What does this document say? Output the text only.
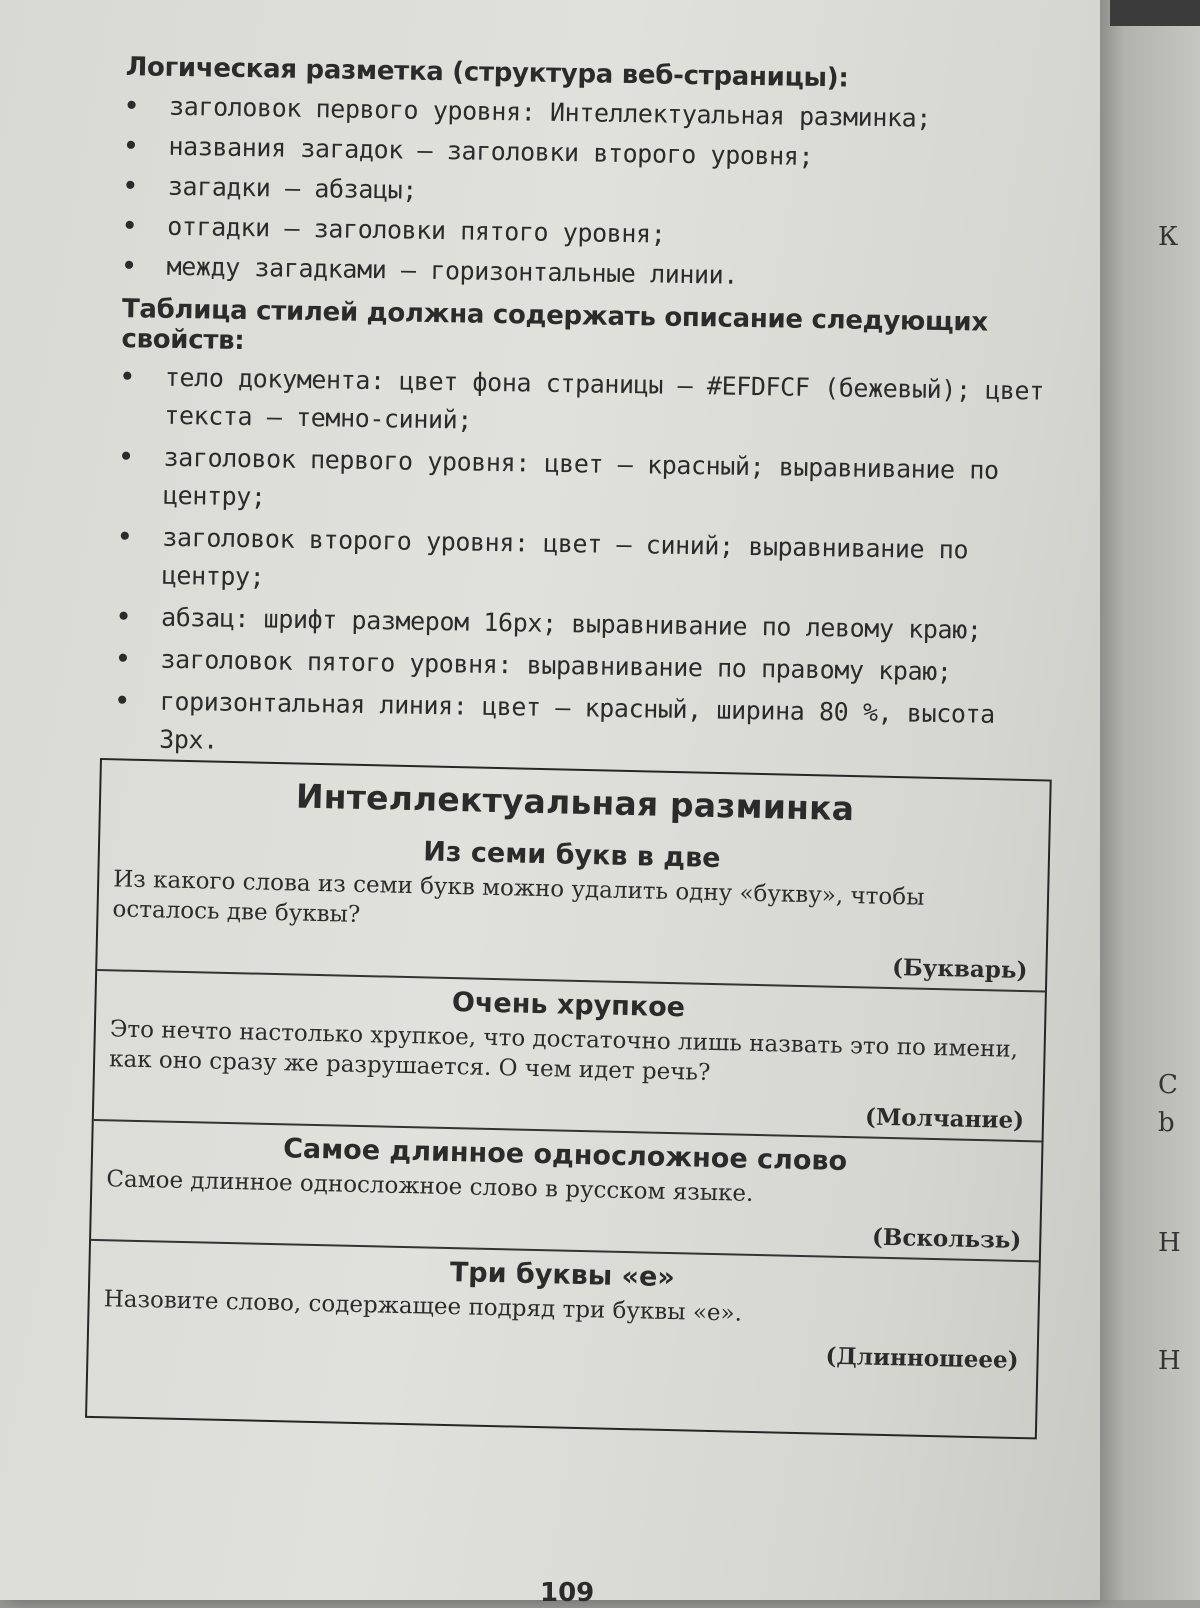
Логическая разметка (структура веб-страницы):
• заголовок первого уровня: Интеллектуальная разминка;
• названия загадок — заголовки второго уровня;
• загадки — абзацы;
• отгадки — заголовки пятого уровня;
• между загадками — горизонтальные линии.
Таблица стилей должна содержать описание следующих свойств:
• тело документа: цвет фона страницы — #EFDFCF (бежевый); цвет текста — темно-синий;
• заголовок первого уровня: цвет — красный; выравнивание по центру;
• заголовок второго уровня: цвет — синий; выравнивание по центру;
• абзац: шрифт размером 16px; выравнивание по левому краю;
• заголовок пятого уровня: выравнивание по правому краю;
• горизонтальная линия: цвет — красный, ширина 80 %, высота 3px.
Интеллектуальная разминка
Из семи букв в две

Из какого слова из семи букв можно удалить одну «букву», чтобы осталось две буквы?

(Букварь)
Очень хрупкое

Это нечто настолько хрупкое, что достаточно лишь назвать это по имени, как оно сразу же разрушается. О чем идет речь?

(Молчание)
Самое длинное односложное слово

Самое длинное односложное слово в русском языке.

(Вскользь)
Три буквы «е»

Назовите слово, содержащее подряд три буквы «е».

(Длинношеее)
109
К
С
b
Н
Н
